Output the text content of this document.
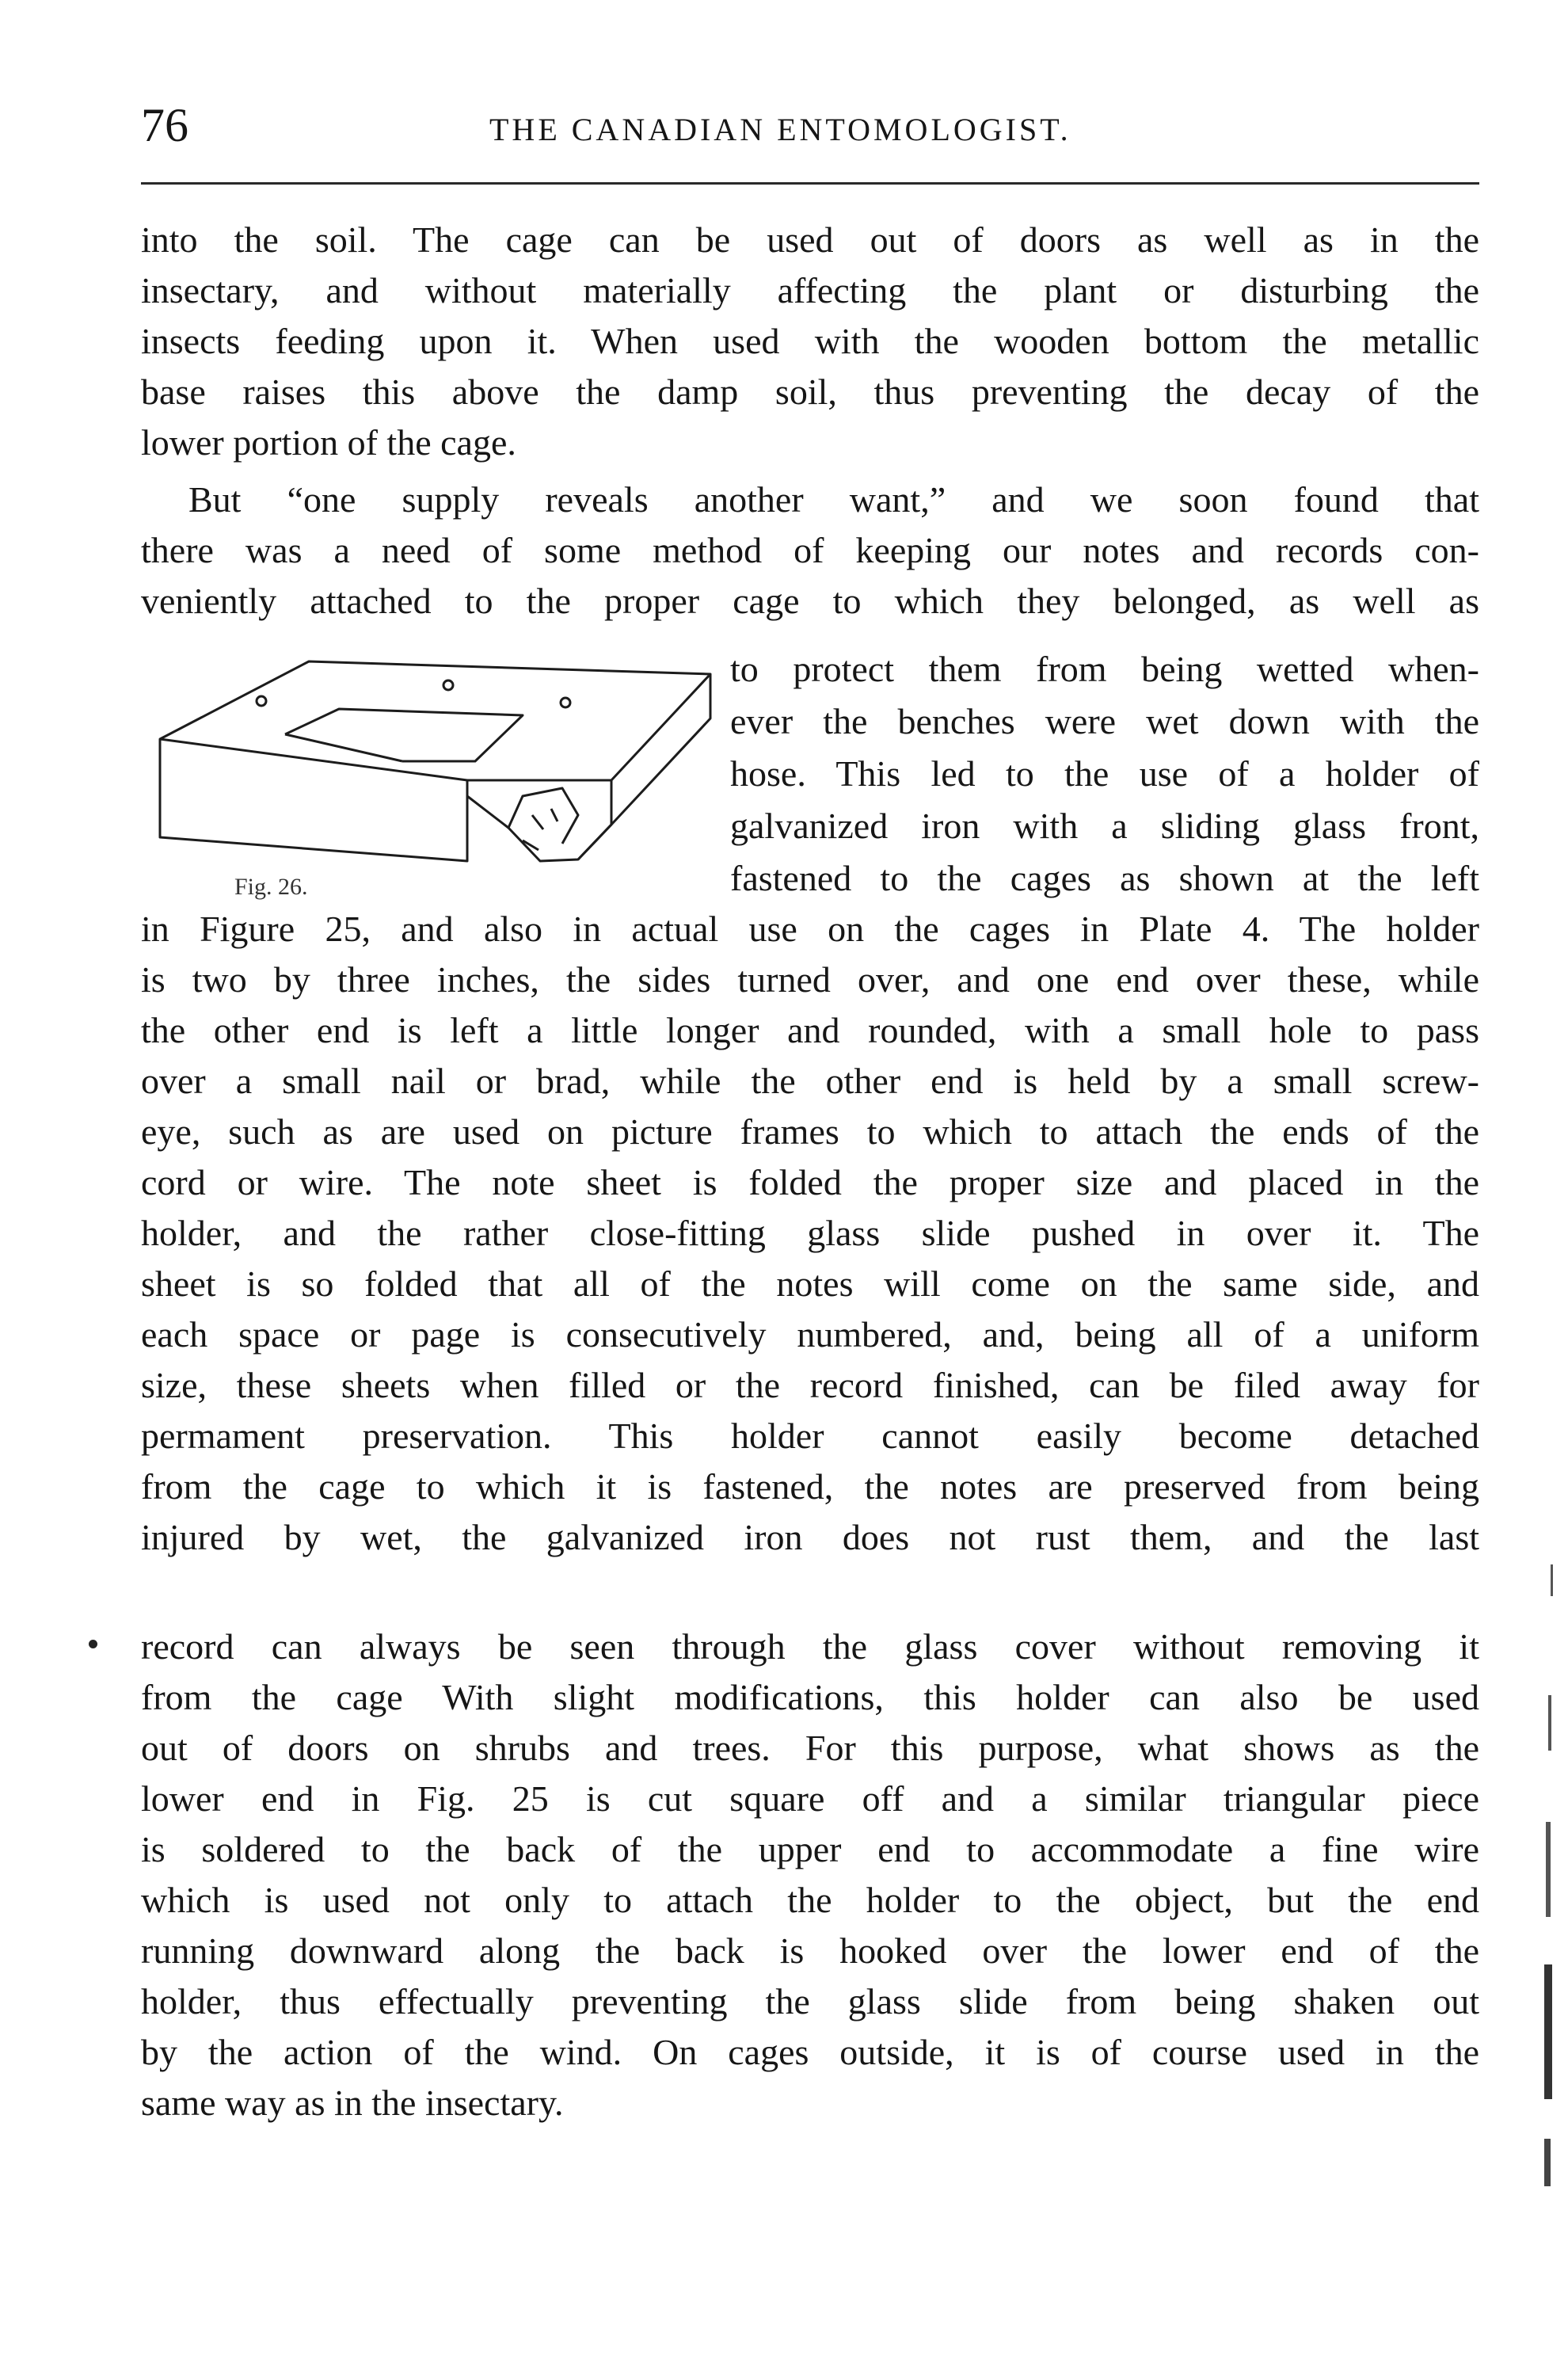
76	THE CANADIAN ENTOMOLOGIST.
into the soil. The cage can be used out of doors as well as in the
insectary, and without materially affecting the plant or disturbing the
insects feeding upon it. When used with the wooden bottom the metallic
base raises this above the damp soil, thus preventing the decay of the
lower portion of the cage.
But “one supply reveals another want,” and we soon found that
there was a need of some method of keeping our notes and records con-
veniently attached to the proper cage to which they belonged, as well as
to protect them from being wetted when-
ever the benches were wet down with the
hose. This led to the use of a holder of
galvanized iron with a sliding glass front,
fastened to the cages as shown at the left
in Figure 25, and also in actual use on the cages in Plate 4. The holder
is two by three inches, the sides turned over, and one end over these, while
the other end is left a little longer and rounded, with a small hole to pass
over a small nail or brad, while the other end is held by a small screw-
eye, such as are used on picture frames to which to attach the ends of the
cord or wire. The note sheet is folded the proper size and placed in the
holder, and the rather close-fitting glass slide pushed in over it. The
sheet is so folded that all of the notes will come on the same side, and
each space or page is consecutively numbered, and, being all of a uniform
size, these sheets when filled or the record finished, can be filed away for
permament preservation. This holder cannot easily become detached
from the cage to which it is fastened, the notes are preserved from being
injured by wet, the galvanized iron does not rust them, and the last
record can always be seen through the glass cover without removing it
from the cage With slight modifications, this holder can also be used
out of doors on shrubs and trees. For this purpose, what shows as the
lower end in Fig. 25 is cut square off and a similar triangular piece
is soldered to the back of the upper end to accommodate a fine wire
which is used not only to attach the holder to the object, but the end
running downward along the back is hooked over the lower end of the
holder, thus effectually preventing the glass slide from being shaken out
by the action of the wind. On cages outside, it is of course used in the
same way as in the insectary.
Fig. 26.
